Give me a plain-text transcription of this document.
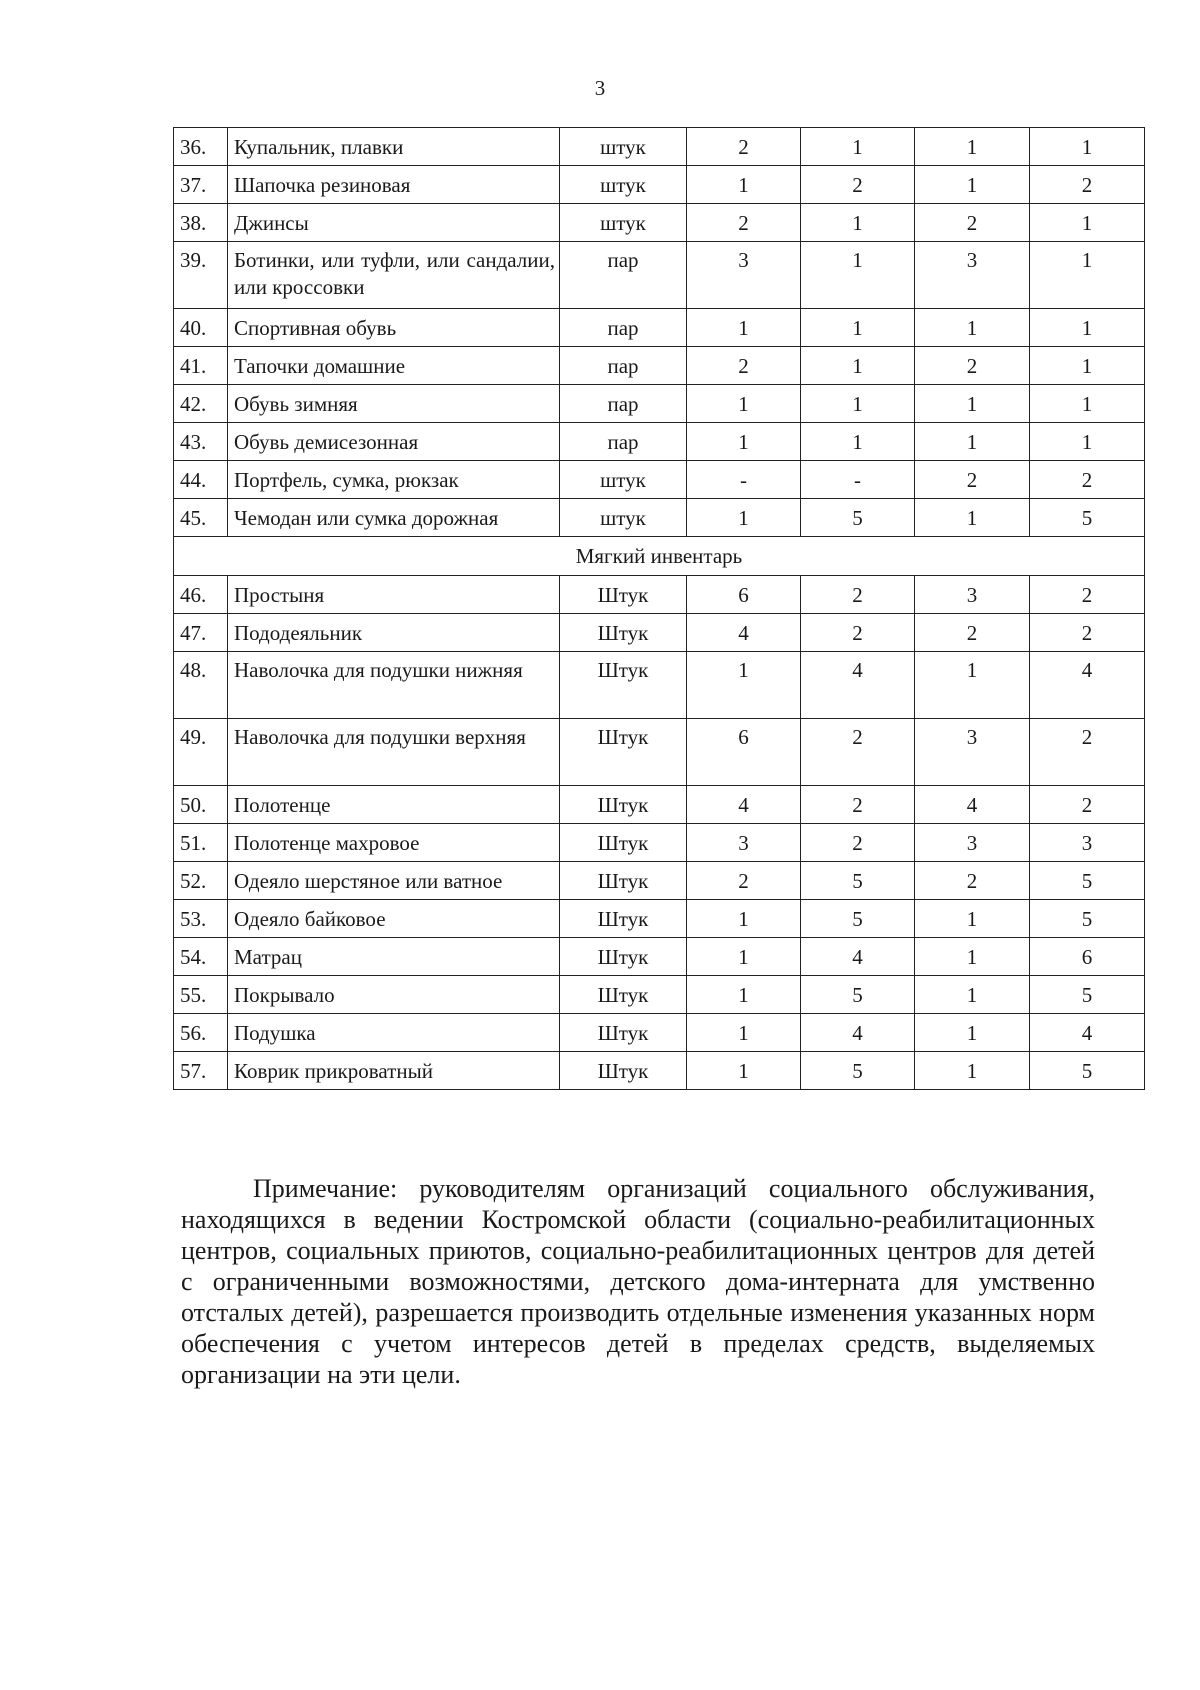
3
36.	Купальник, плавки	штук	2	1	1	1
37.	Шапочка резиновая	штук	1	2	1	2
38.	Джинсы	штук	2	1	2	1
39.	Ботинки, или туфли, или сандалии, или кроссовки	пар	3	1	3	1
40.	Спортивная обувь	пар	1	1	1	1
41.	Тапочки домашние	пар	2	1	2	1
42.	Обувь зимняя	пар	1	1	1	1
43.	Обувь демисезонная	пар	1	1	1	1
44.	Портфель, сумка, рюкзак	штук	-	-	2	2
45.	Чемодан или сумка дорожная	штук	1	5	1	5
Мягкий инвентарь						
46.	Простыня	Штук	6	2	3	2
47.	Пододеяльник	Штук	4	2	2	2
48.	Наволочка для подушки нижняя	Штук	1	4	1	4
49.	Наволочка для подушки верхняя	Штук	6	2	3	2
50.	Полотенце	Штук	4	2	4	2
51.	Полотенце махровое	Штук	3	2	3	3
52.	Одеяло шерстяное или ватное	Штук	2	5	2	5
53.	Одеяло байковое	Штук	1	5	1	5
54.	Матрац	Штук	1	4	1	6
55.	Покрывало	Штук	1	5	1	5
56.	Подушка	Штук	1	4	1	4
57.	Коврик прикроватный	Штук	1	5	1	5

Примечание: руководителям организаций социального обслуживания, находящихся в ведении Костромской области (социально-реабилитационных центров, социальных приютов, социально-реабилитационных центров для детей с ограниченными возможностями, детского дома-интерната для умственно отсталых детей), разрешается производить отдельные изменения указанных норм обеспечения с учетом интересов детей в пределах средств, выделяемых организации на эти цели.
